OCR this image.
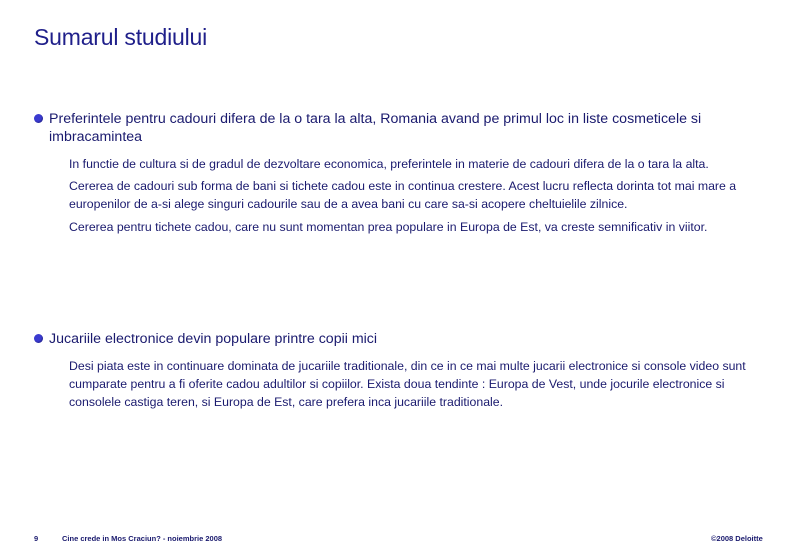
Sumarul studiului
Preferintele pentru cadouri difera de la o tara la alta, Romania avand pe primul loc in liste cosmeticele si imbracamintea
In functie de cultura si de gradul de dezvoltare economica, preferintele in materie de cadouri difera de la o tara la alta.
Cererea de cadouri sub forma de bani si tichete cadou este in continua crestere. Acest lucru reflecta dorinta tot mai mare a europenilor de a-si alege singuri cadourile sau de a avea bani cu care sa-si acopere cheltuielile zilnice.
Cererea pentru tichete cadou, care nu sunt momentan prea populare in Europa de Est, va creste semnificativ in viitor.
Jucariile electronice devin populare printre copii mici
Desi piata este in continuare dominata de jucariile traditionale, din ce in ce mai multe jucarii electronice si console video sunt cumparate pentru a fi oferite cadou adultilor si copiilor. Exista doua tendinte : Europa de Vest, unde jocurile electronice si consolele castiga teren, si Europa de Est, care prefera inca jucariile traditionale.
9	Cine crede in Mos Craciun? - noiembrie 2008	©2008 Deloitte
